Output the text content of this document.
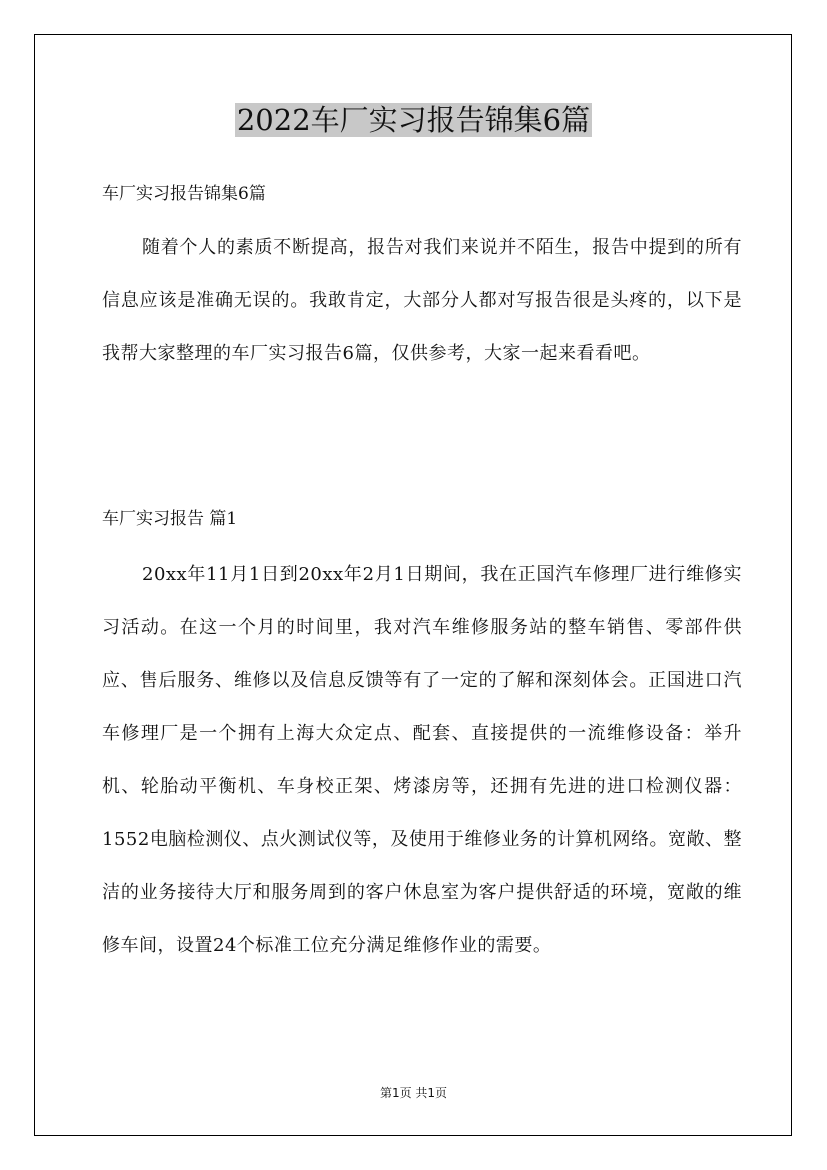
2022车厂实习报告锦集6篇

车厂实习报告锦集6篇

随着个人的素质不断提高，报告对我们来说并不陌生，报告中提到的所有信息应该是准确无误的。我敢肯定，大部分人都对写报告很是头疼的，以下是我帮大家整理的车厂实习报告6篇，仅供参考，大家一起来看看吧。

车厂实习报告 篇1

20xx年11月1日到20xx年2月1日期间，我在正国汽车修理厂进行维修实习活动。在这一个月的时间里，我对汽车维修服务站的整车销售、零部件供应、售后服务、维修以及信息反馈等有了一定的了解和深刻体会。正国进口汽车修理厂是一个拥有上海大众定点、配套、直接提供的一流维修设备：举升机、轮胎动平衡机、车身校正架、烤漆房等，还拥有先进的进口检测仪器：1552电脑检测仪、点火测试仪等，及使用于维修业务的计算机网络。宽敞、整洁的业务接待大厅和服务周到的客户休息室为客户提供舒适的环境，宽敞的维修车间，设置24个标准工位充分满足维修作业的需要。

第1页 共1页
